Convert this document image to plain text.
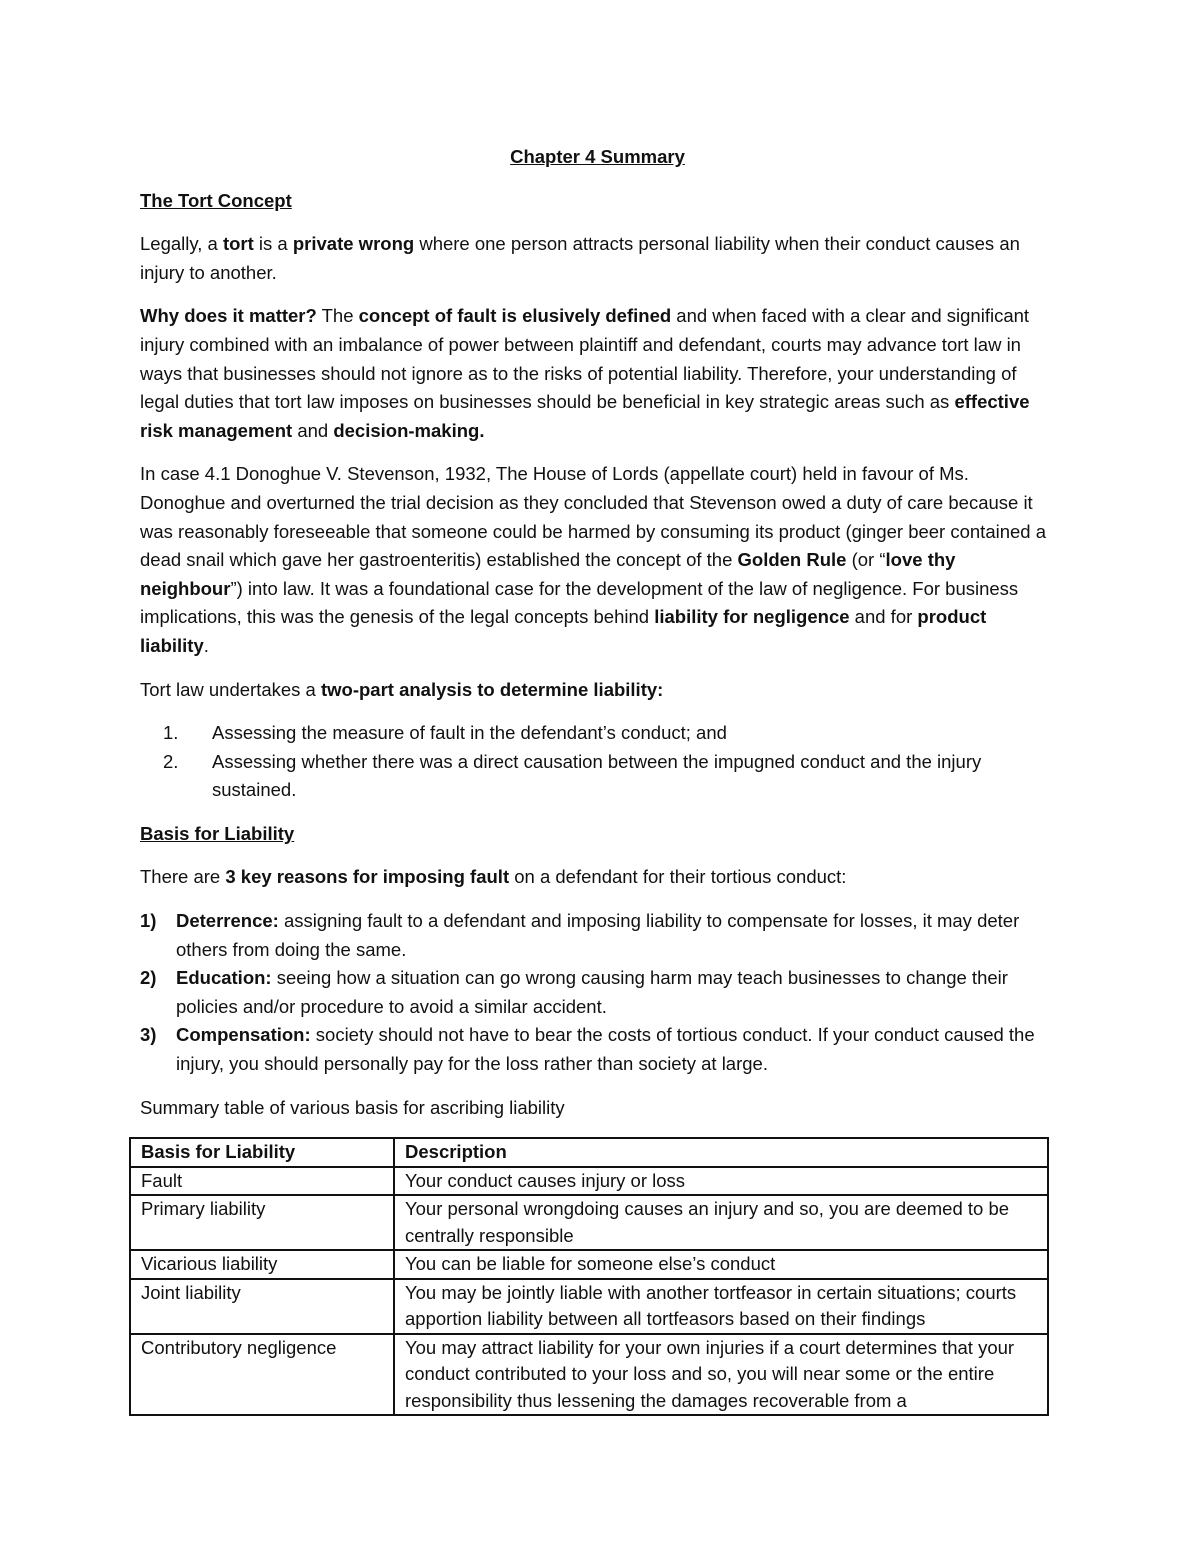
Chapter 4 Summary
The Tort Concept

Legally, a tort is a private wrong where one person attracts personal liability when their conduct causes an injury to another.

Why does it matter? The concept of fault is elusively defined and when faced with a clear and significant injury combined with an imbalance of power between plaintiff and defendant, courts may advance tort law in ways that businesses should not ignore as to the risks of potential liability. Therefore, your understanding of legal duties that tort law imposes on businesses should be beneficial in key strategic areas such as effective risk management and decision-making.

In case 4.1 Donoghue V. Stevenson, 1932, The House of Lords (appellate court) held in favour of Ms. Donoghue and overturned the trial decision as they concluded that Stevenson owed a duty of care because it was reasonably foreseeable that someone could be harmed by consuming its product (ginger beer contained a dead snail which gave her gastroenteritis) established the concept of the Golden Rule (or “love thy neighbour”) into law. It was a foundational case for the development of the law of negligence. For business implications, this was the genesis of the legal concepts behind liability for negligence and for product liability.

Tort law undertakes a two-part analysis to determine liability:

1. Assessing the measure of fault in the defendant’s conduct; and
2. Assessing whether there was a direct causation between the impugned conduct and the injury sustained.
Basis for Liability

There are 3 key reasons for imposing fault on a defendant for their tortious conduct:

1) Deterrence: assigning fault to a defendant and imposing liability to compensate for losses, it may deter others from doing the same.
2) Education: seeing how a situation can go wrong causing harm may teach businesses to change their policies and/or procedure to avoid a similar accident.
3) Compensation: society should not have to bear the costs of tortious conduct. If your conduct caused the injury, you should personally pay for the loss rather than society at large.

Summary table of various basis for ascribing liability

Basis for Liability	Description
Fault	Your conduct causes injury or loss
Primary liability	Your personal wrongdoing causes an injury and so, you are deemed to be centrally responsible
Vicarious liability	You can be liable for someone else’s conduct
Joint liability	You may be jointly liable with another tortfeasor in certain situations; courts apportion liability between all tortfeasors based on their findings
Contributory negligence	You may attract liability for your own injuries if a court determines that your conduct contributed to your loss and so, you will near some or the entire responsibility thus lessening the damages recoverable from a
